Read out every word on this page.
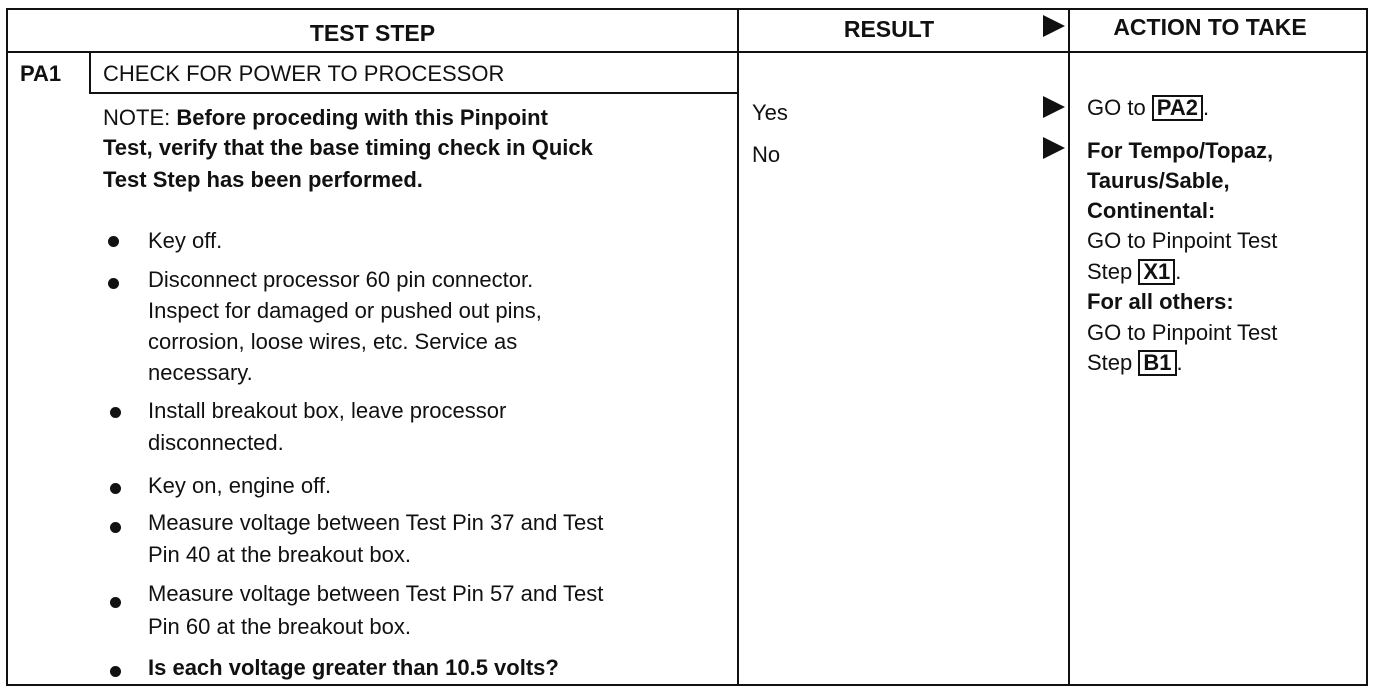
TEST STEP	RESULT	ACTION TO TAKE
PA1 CHECK FOR POWER TO PROCESSOR
NOTE: Before proceding with this Pinpoint
Test, verify that the base timing check in Quick
Test Step has been performed.
Key off.
Disconnect processor 60 pin connector.
Inspect for damaged or pushed out pins,
corrosion, loose wires, etc. Service as
necessary.
Install breakout box, leave processor
disconnected.
Key on, engine off.
Measure voltage between Test Pin 37 and Test
Pin 40 at the breakout box.
Measure voltage between Test Pin 57 and Test
Pin 60 at the breakout box.
Is each voltage greater than 10.5 volts?
Yes
No
GO to PA2 .
For Tempo/Topaz,
Taurus/Sable,
Continental:
GO to Pinpoint Test
Step X1 .
For all others:
GO to Pinpoint Test
Step B1 .
